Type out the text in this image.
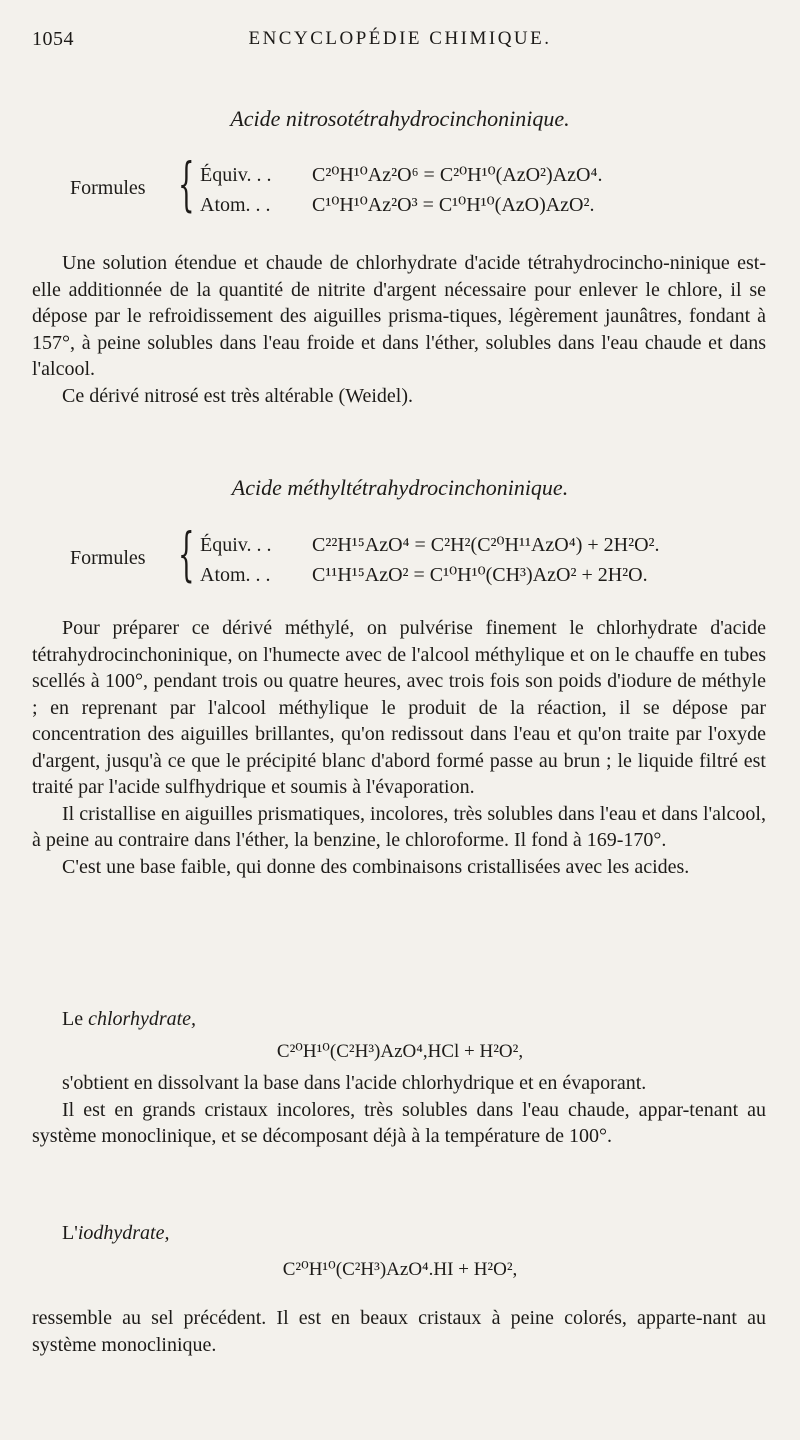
1054	ENCYCLOPÉDIE CHIMIQUE.
Acide nitrosotétrahydrocinchoninique.
Formules { Équiv. . . C²⁰H¹⁰Az²O⁶ = C²⁰H¹⁰(AzO²)AzO⁴.
Atom. . . C¹⁰H¹⁰Az²O³ = C¹⁰H¹⁰(AzO)AzO².

Une solution étendue et chaude de chlorhydrate d'acide tétrahydrocincho-ninique est-elle additionnée de la quantité de nitrite d'argent nécessaire pour enlever le chlore, il se dépose par le refroidissement des aiguilles prisma-tiques, légèrement jaunâtres, fondant à 157°, à peine solubles dans l'eau froide et dans l'éther, solubles dans l'eau chaude et dans l'alcool.

Ce dérivé nitrosé est très altérable (Weidel).

Acide méthyltétrahydrocinchoninique.
Formules { Équiv. . . C²²H¹⁵AzO⁴ = C²H²(C²⁰H¹¹AzO⁴) + 2H²O².
Atom. . . C¹¹H¹⁵AzO² = C¹⁰H¹⁰(CH³)AzO² + 2H²O.

Pour préparer ce dérivé méthylé, on pulvérise finement le chlorhydrate d'acide tétrahydrocinchoninique, on l'humecte avec de l'alcool méthylique et on le chauffe en tubes scellés à 100°, pendant trois ou quatre heures, avec trois fois son poids d'iodure de méthyle ; en reprenant par l'alcool méthylique le produit de la réaction, il se dépose par concentration des aiguilles brillantes, qu'on redissout dans l'eau et qu'on traite par l'oxyde d'argent, jusqu'à ce que le précipité blanc d'abord formé passe au brun ; le liquide filtré est traité par l'acide sulfhydrique et soumis à l'évaporation.

Il cristallise en aiguilles prismatiques, incolores, très solubles dans l'eau et dans l'alcool, à peine au contraire dans l'éther, la benzine, le chloroforme. Il fond à 169-170°.

C'est une base faible, qui donne des combinaisons cristallisées avec les acides.

Le chlorhydrate,
C²⁰H¹⁰(C²H³)AzO⁴,HCl + H²O²,

s'obtient en dissolvant la base dans l'acide chlorhydrique et en évaporant.

Il est en grands cristaux incolores, très solubles dans l'eau chaude, appar-tenant au système monoclinique, et se décomposant déjà à la température de 100°.

L'iodhydrate,
C²⁰H¹⁰(C²H³)AzO⁴.HI + H²O²,

ressemble au sel précédent. Il est en beaux cristaux à peine colorés, apparte-nant au système monoclinique.
